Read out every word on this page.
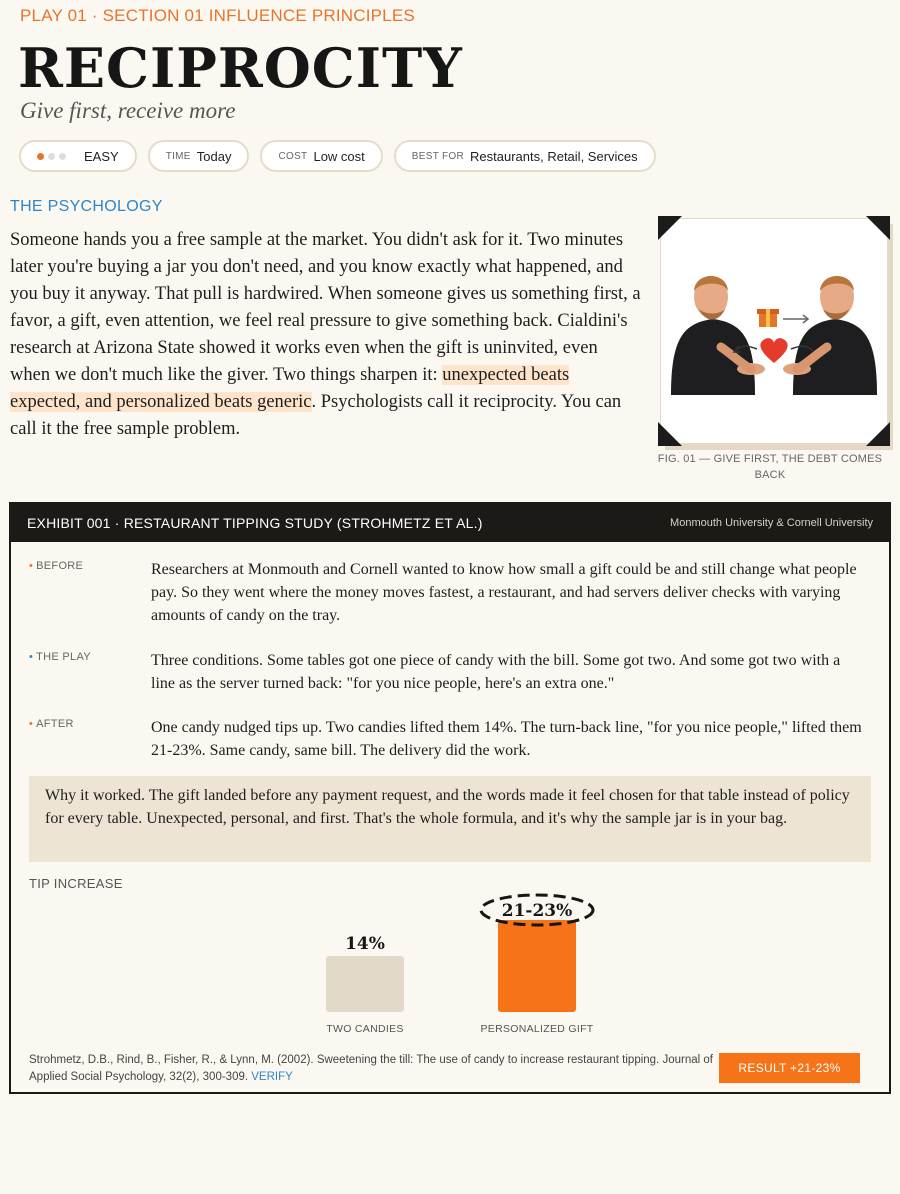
PLAY 01 · SECTION 01 INFLUENCE PRINCIPLES
RECIPROCITY
Give first, receive more
EASY	TIME Today	COST Low cost	BEST FOR Restaurants, Retail, Services
THE PSYCHOLOGY

Someone hands you a free sample at the market. You didn't ask for it. Two minutes later you're buying a jar you don't need, and you know exactly what happened, and you buy it anyway. That pull is hardwired. When someone gives us something first, a favor, a gift, even attention, we feel real pressure to give something back. Cialdini's research at Arizona State showed it works even when the gift is uninvited, even when we don't much like the giver. Two things sharpen it: unexpected beats expected, and personalized beats generic. Psychologists call it reciprocity. You can call it the free sample problem.

FIG. 01 — GIVE FIRST, THE DEBT COMES BACK
EXHIBIT 001 · RESTAURANT TIPPING STUDY (STROHMETZ ET AL.)	Monmouth University & Cornell University
• BEFORE	Researchers at Monmouth and Cornell wanted to know how small a gift could be and still change what people pay. So they went where the money moves fastest, a restaurant, and had servers deliver checks with varying amounts of candy on the tray.
• THE PLAY	Three conditions. Some tables got one piece of candy with the bill. Some got two. And some got two with a line as the server turned back: "for you nice people, here's an extra one."
• AFTER	One candy nudged tips up. Two candies lifted them 14%. The turn-back line, "for you nice people," lifted them 21-23%. Same candy, same bill. The delivery did the work.
Why it worked. The gift landed before any payment request, and the words made it feel chosen for that table instead of policy for every table. Unexpected, personal, and first. That's the whole formula, and it's why the sample jar is in your bag.
TIP INCREASE
14%
TWO CANDIES
21-23%
PERSONALIZED GIFT
Strohmetz, D.B., Rind, B., Fisher, R., & Lynn, M. (2002). Sweetening the till: The use of candy to increase restaurant tipping. Journal of Applied Social Psychology, 32(2), 300-309. VERIFY
RESULT +21-23%
